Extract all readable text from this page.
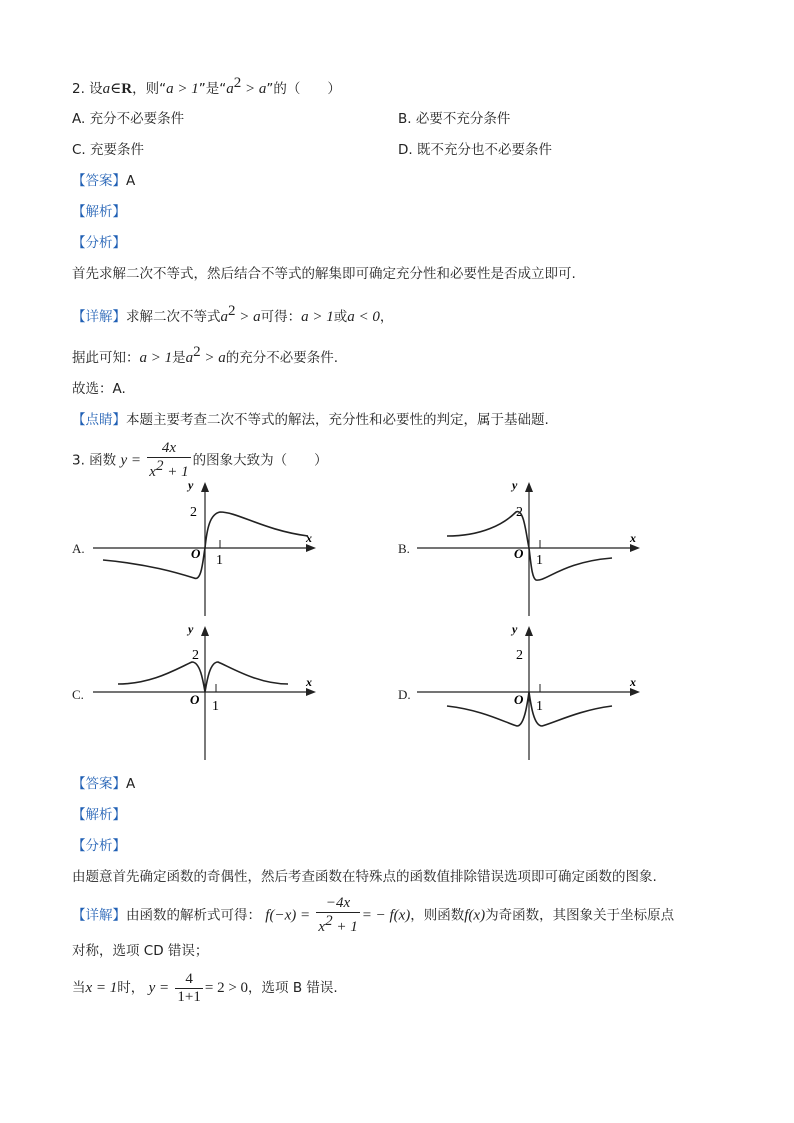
2. 设a∈R，则“a > 1”是“$a^2 > a$”的（　　）
A. 充分不必要条件	B. 必要不充分条件
C. 充要条件	D. 既不充分也不必要条件
【答案】A
【解析】
【分析】
首先求解二次不等式，然后结合不等式的解集即可确定充分性和必要性是否成立即可.
【详解】求解二次不等式$a^2 > a$可得：a > 1或a < 0，
据此可知：a > 1是$a^2 > a$的充分不必要条件.
故选：A.
【点睛】本题主要考查二次不等式的解法，充分性和必要性的判定，属于基础题.
3. 函数 $y = \frac{4x}{x^2 + 1}$ 的图象大致为（　　）
A.
x
y
O 1
2
B.
x
y
O 1
2
C.
x
y
O 1
2
D.
x
y
O 1
2
【答案】A
【解析】
【分析】
由题意首先确定函数的奇偶性，然后考查函数在特殊点的函数值排除错误选项即可确定函数的图象.
【详解】由函数的解析式可得： $f(-x) = \frac{-4x}{x^2 + 1}$ = − f(x)，则函数f(x)为奇函数，其图象关于坐标原点
对称，选项 CD 错误；
当x = 1时， $y = \frac{4}{1+1} = 2 > 0$，选项 B 错误.
